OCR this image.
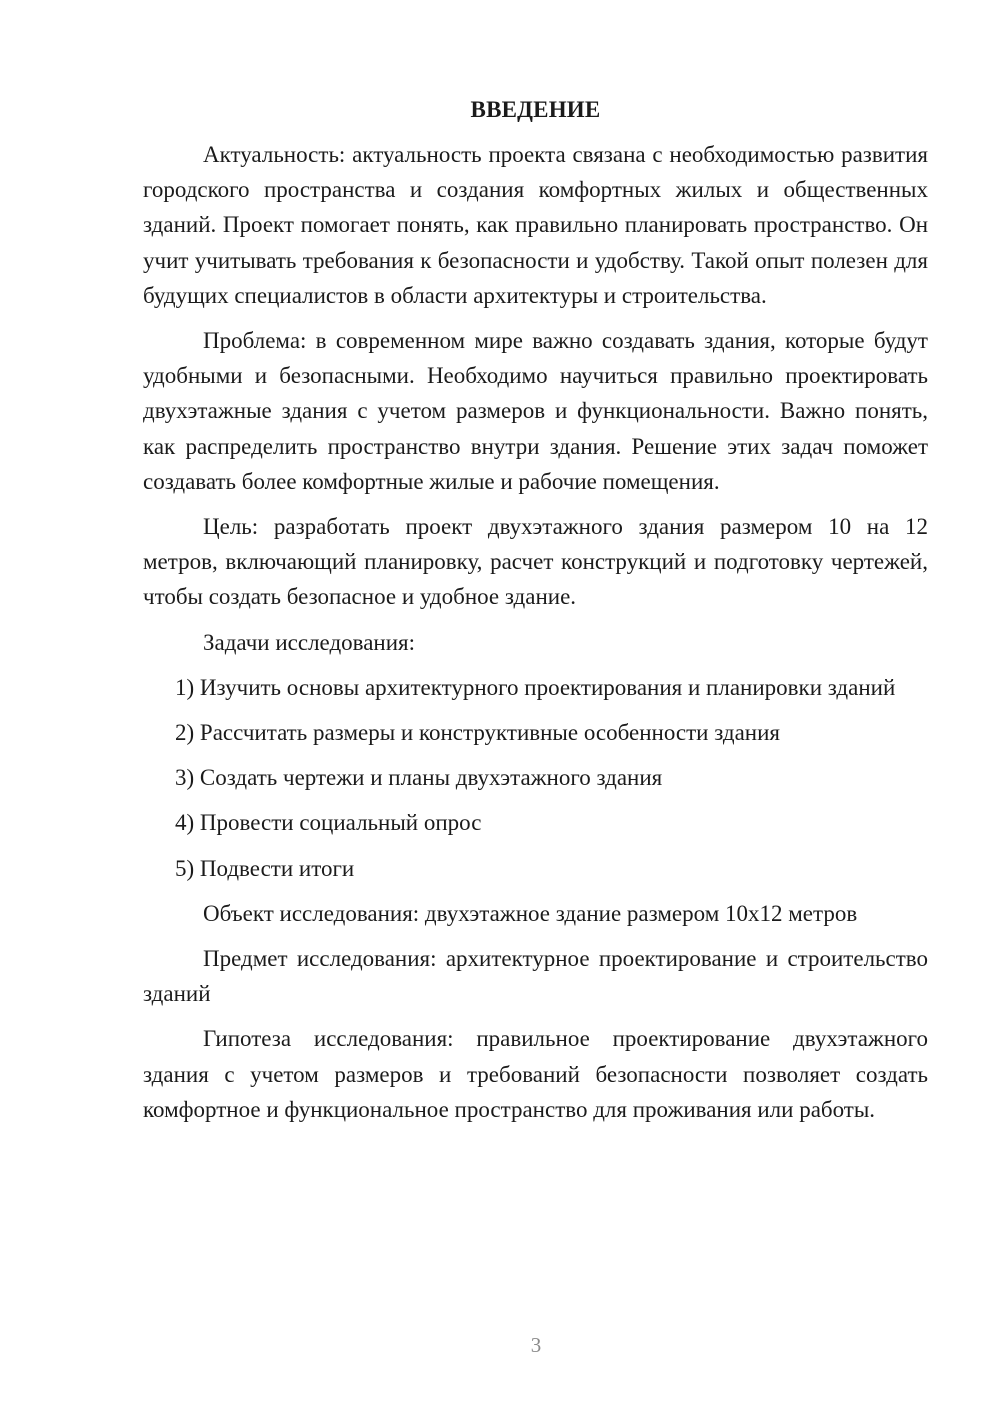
ВВЕДЕНИЕ

Актуальность: актуальность проекта связана с необходимостью развития городского пространства и создания комфортных жилых и общественных зданий. Проект помогает понять, как правильно планировать пространство. Он учит учитывать требования к безопасности и удобству. Такой опыт полезен для будущих специалистов в области архитектуры и строительства.

Проблема: в современном мире важно создавать здания, которые будут удобными и безопасными. Необходимо научиться правильно проектировать двухэтажные здания с учетом размеров и функциональности. Важно понять, как распределить пространство внутри здания. Решение этих задач поможет создавать более комфортные жилые и рабочие помещения.

Цель: разработать проект двухэтажного здания размером 10 на 12 метров, включающий планировку, расчет конструкций и подготовку чертежей, чтобы создать безопасное и удобное здание.

Задачи исследования:

1) Изучить основы архитектурного проектирования и планировки зданий

2) Рассчитать размеры и конструктивные особенности здания

3) Создать чертежи и планы двухэтажного здания

4) Провести социальный опрос

5) Подвести итоги

Объект исследования: двухэтажное здание размером 10x12 метров

Предмет исследования: архитектурное проектирование и строительство зданий

Гипотеза исследования: правильное проектирование двухэтажного здания с учетом размеров и требований безопасности позволяет создать комфортное и функциональное пространство для проживания или работы.

3
